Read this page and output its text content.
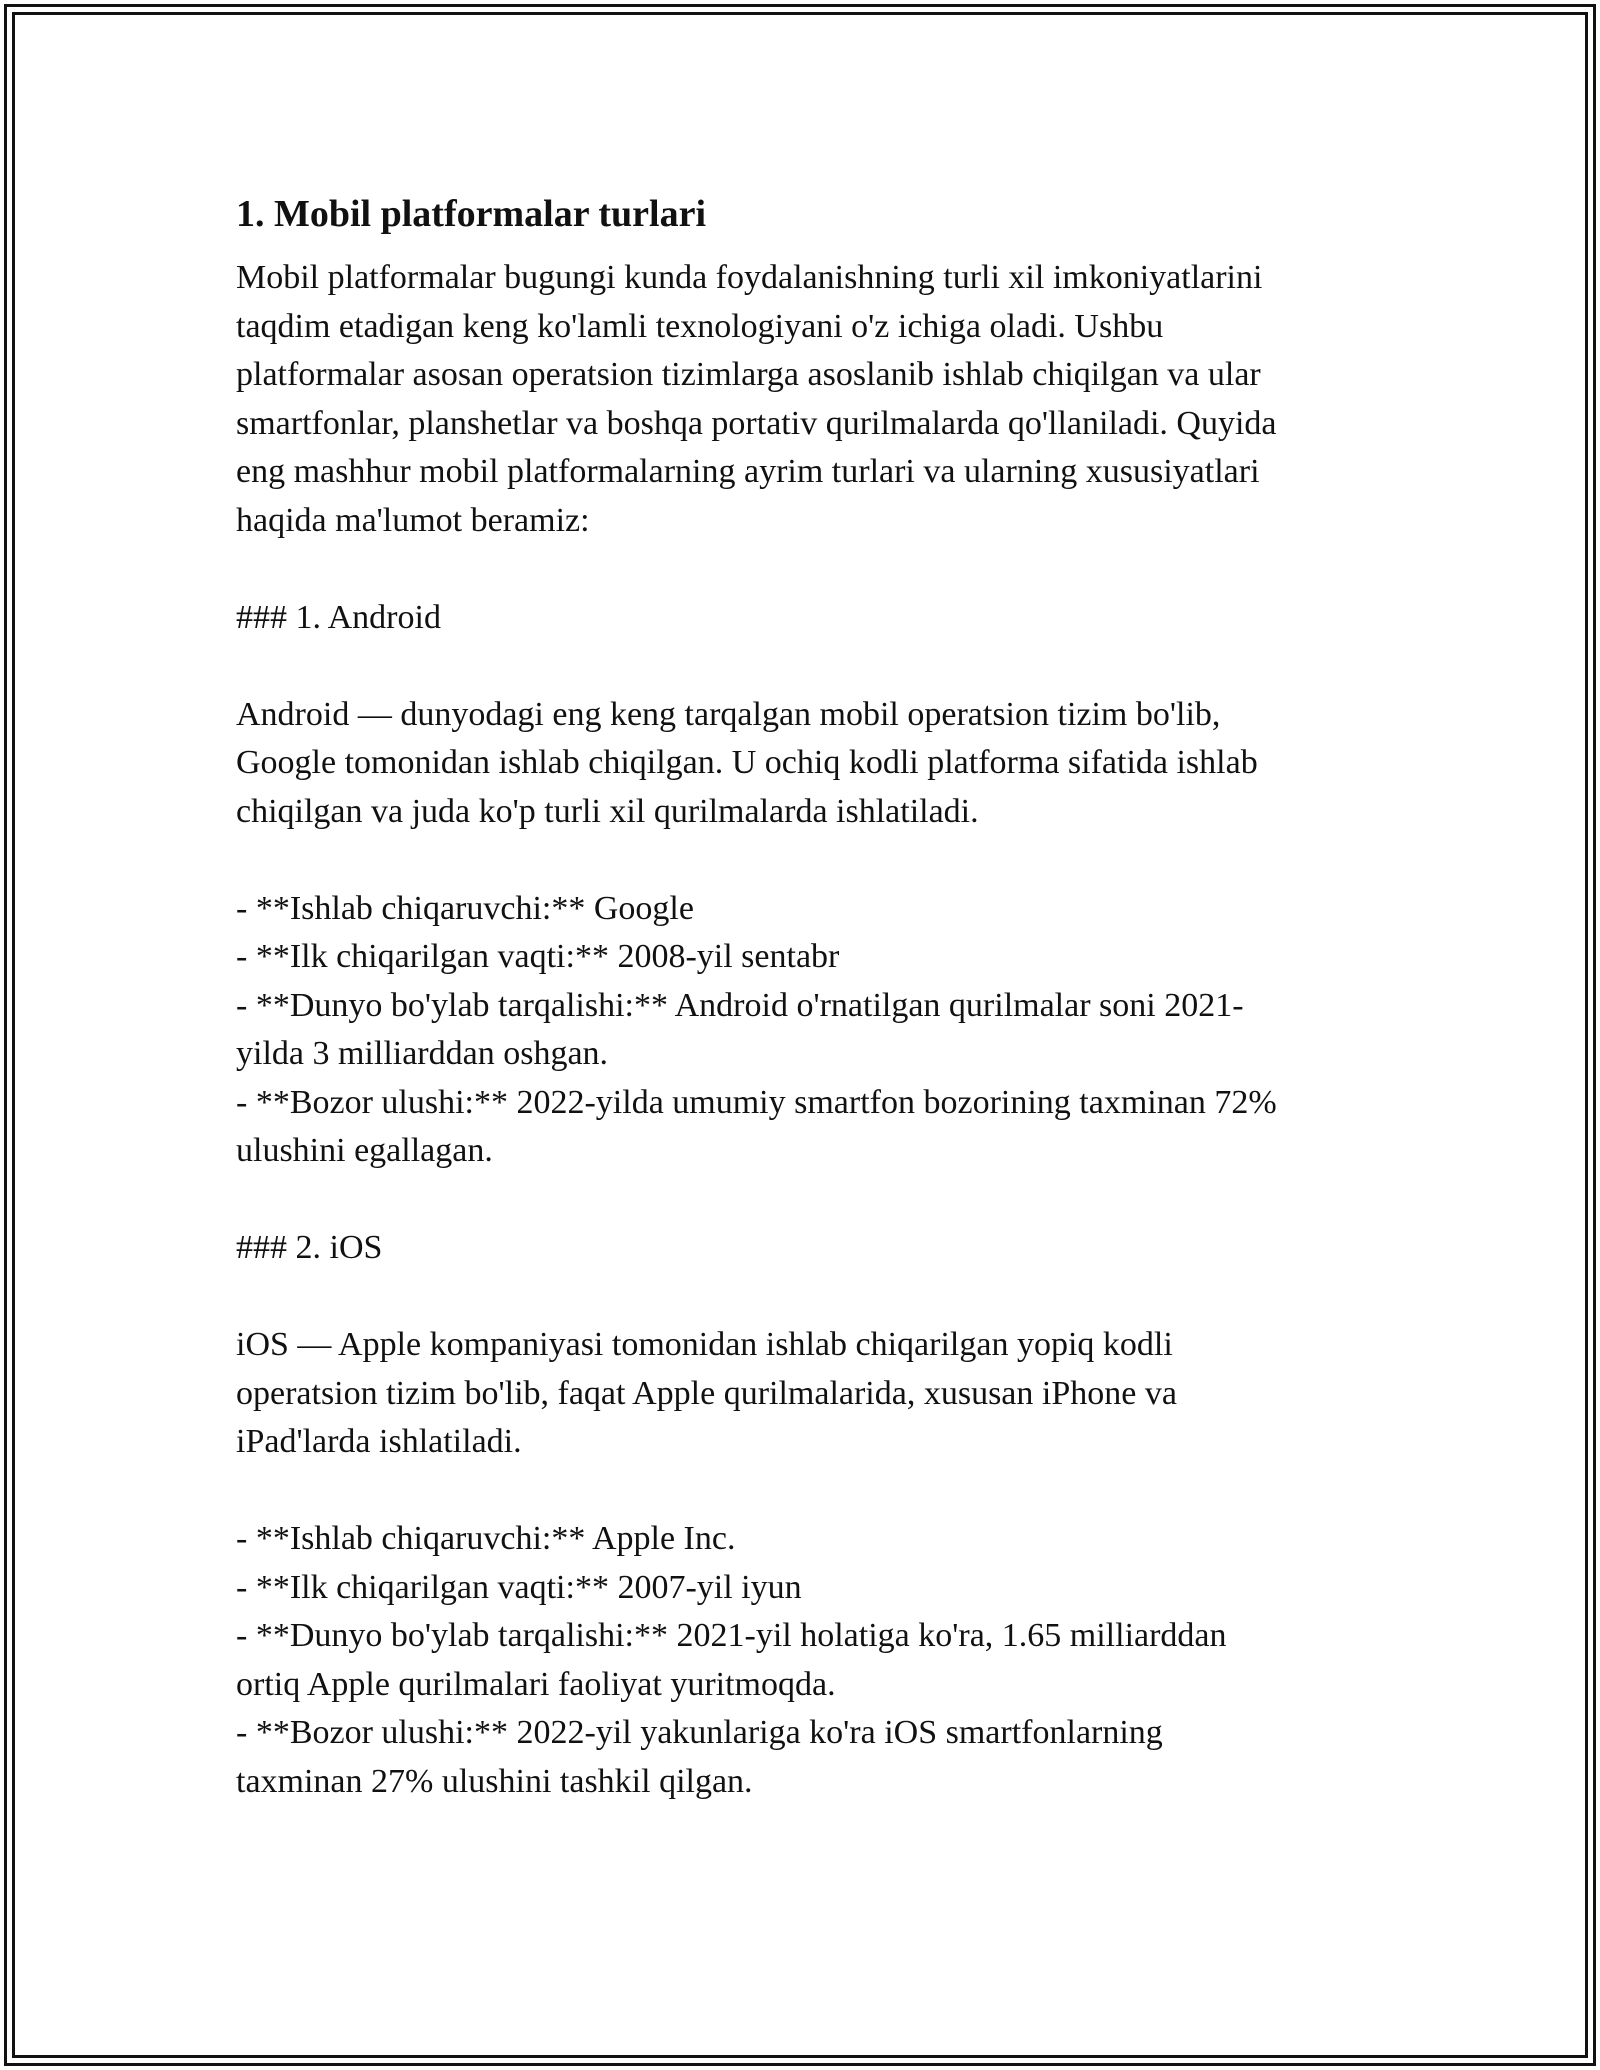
1. Mobil platformalar turlari

Mobil platformalar bugungi kunda foydalanishning turli xil imkoniyatlarini
taqdim etadigan keng ko'lamli texnologiyani o'z ichiga oladi. Ushbu
platformalar asosan operatsion tizimlarga asoslanib ishlab chiqilgan va ular
smartfonlar, planshetlar va boshqa portativ qurilmalarda qo'llaniladi. Quyida
eng mashhur mobil platformalarning ayrim turlari va ularning xususiyatlari
haqida ma'lumot beramiz:

### 1. Android

Android — dunyodagi eng keng tarqalgan mobil operatsion tizim bo'lib,
Google tomonidan ishlab chiqilgan. U ochiq kodli platforma sifatida ishlab
chiqilgan va juda ko'p turli xil qurilmalarda ishlatiladi.

- **Ishlab chiqaruvchi:** Google

- **Ilk chiqarilgan vaqti:** 2008-yil sentabr

- **Dunyo bo'ylab tarqalishi:** Android o'rnatilgan qurilmalar soni 2021-
yilda 3 milliarddan oshgan.

- **Bozor ulushi:** 2022-yilda umumiy smartfon bozorining taxminan 72%
ulushini egallagan.

### 2. iOS

iOS — Apple kompaniyasi tomonidan ishlab chiqarilgan yopiq kodli
operatsion tizim bo'lib, faqat Apple qurilmalarida, xususan iPhone va
iPad'larda ishlatiladi.

- **Ishlab chiqaruvchi:** Apple Inc.

- **Ilk chiqarilgan vaqti:** 2007-yil iyun

- **Dunyo bo'ylab tarqalishi:** 2021-yil holatiga ko'ra, 1.65 milliarddan
ortiq Apple qurilmalari faoliyat yuritmoqda.

- **Bozor ulushi:** 2022-yil yakunlariga ko'ra iOS smartfonlarning
taxminan 27% ulushini tashkil qilgan.
